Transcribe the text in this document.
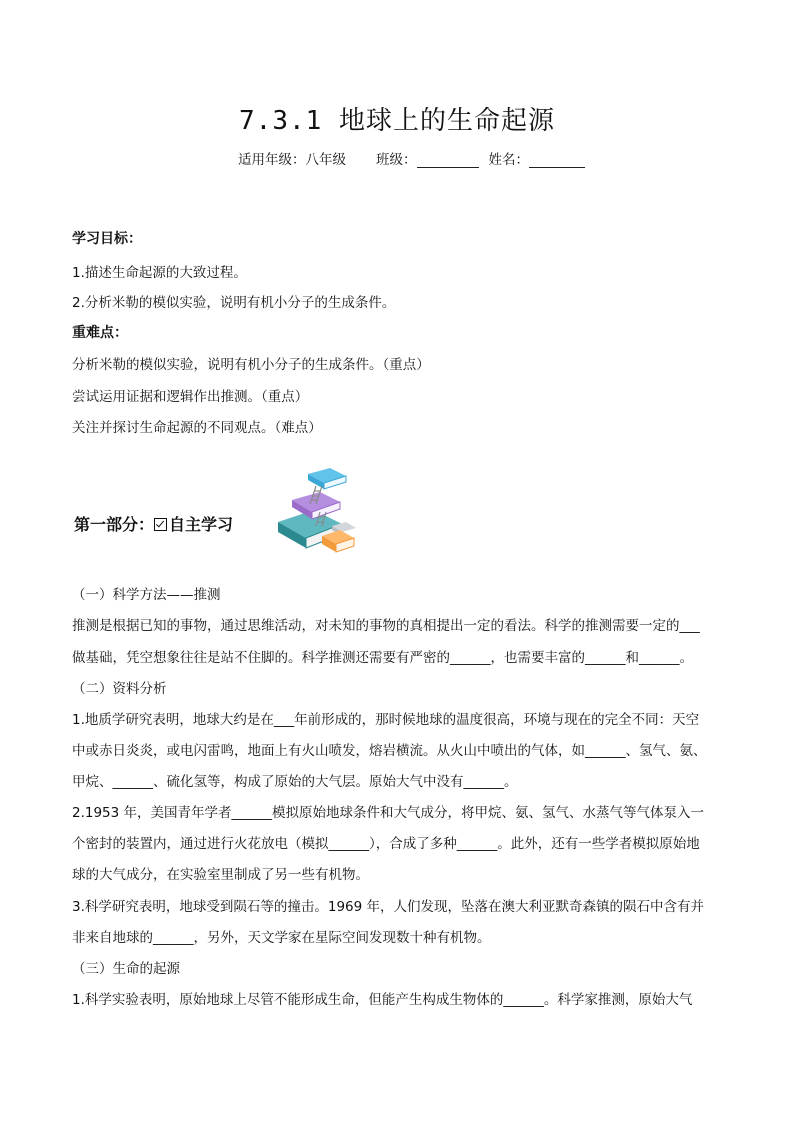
7.3.1 地球上的生命起源
适用年级：八年级 班级：	姓名：
学习目标：
1.描述生命起源的大致过程。
2.分析米勒的模似实验，说明有机小分子的生成条件。
重难点：
分析米勒的模似实验，说明有机小分子的生成条件。（重点）
尝试运用证据和逻辑作出推测。（重点）
关注并探讨生命起源的不同观点。（难点）
第一部分： 自主学习
（一）科学方法——推测
推测是根据已知的事物，通过思维活动，对未知的事物的真相提出一定的看法。科学的推测需要一定的___
做基础，凭空想象往往是站不住脚的。科学推测还需要有严密的______，也需要丰富的______和______。
（二）资料分析
1.地质学研究表明，地球大约是在___年前形成的，那时候地球的温度很高，环境与现在的完全不同：天空
中或赤日炎炎，或电闪雷鸣，地面上有火山喷发，熔岩横流。从火山中喷出的气体，如______、氢气、氨、
甲烷、______、硫化氢等，构成了原始的大气层。原始大气中没有______。
2.1953 年，美国青年学者______模拟原始地球条件和大气成分，将甲烷、氨、氢气、水蒸气等气体泵入一
个密封的装置内，通过进行火花放电（模拟______），合成了多种______。此外，还有一些学者模拟原始地
球的大气成分，在实验室里制成了另一些有机物。
3.科学研究表明，地球受到陨石等的撞击。1969 年，人们发现，坠落在澳大利亚默奇森镇的陨石中含有并
非来自地球的______，另外，天文学家在星际空间发现数十种有机物。
（三）生命的起源
1.科学实验表明，原始地球上尽管不能形成生命，但能产生构成生物体的______。科学家推测，原始大气
